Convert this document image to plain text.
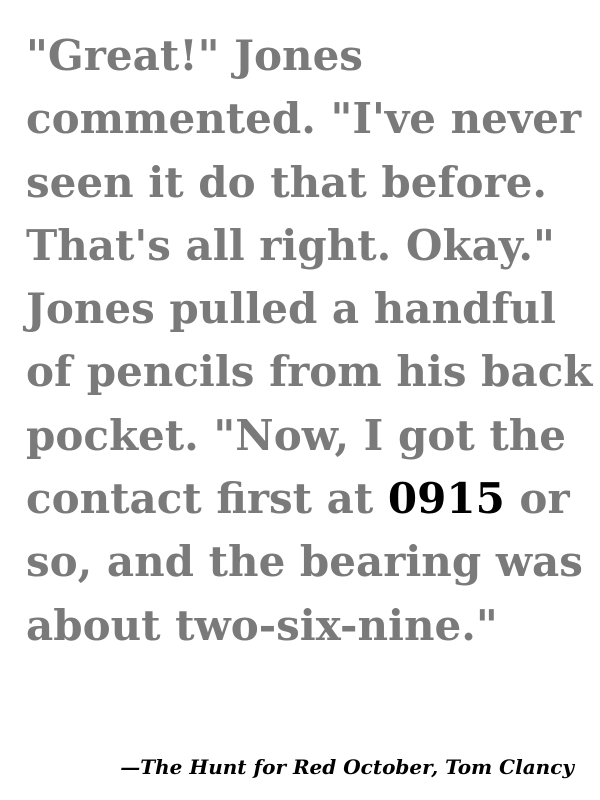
"Great!" Jones
commented. "I've never
seen it do that before.
That's all right. Okay."
Jones pulled a handful
of pencils from his back
pocket. "Now, I got the
contact first at 0915 or
so, and the bearing was
about two-six-nine."
—The Hunt for Red October, Tom Clancy
